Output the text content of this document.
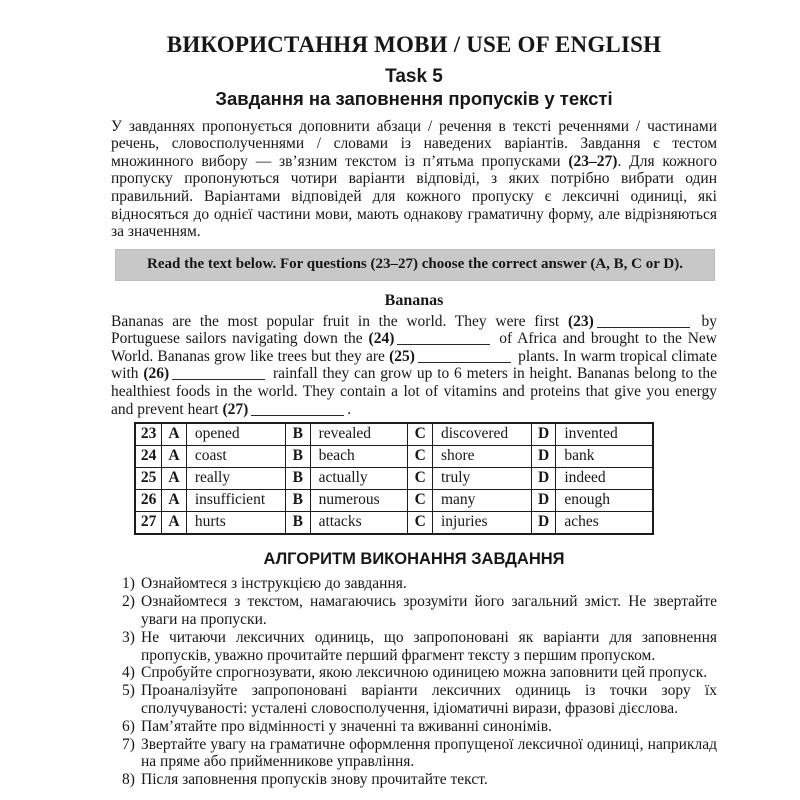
ВИКОРИСТАННЯ МОВИ / USE OF ENGLISH
Task 5
Завдання на заповнення пропусків у тексті
У завданнях пропонується доповнити абзаци / речення в тексті реченнями / частинами речень, словосполученнями / словами із наведених варіантів. Завдання є тестом множинного вибору — зв’язним текстом із п’ятьма пропусками (23–27). Для кожного пропуску пропонуються чотири варіанти відповіді, з яких потрібно вибрати один правильний. Варіантами відповідей для кожного пропуску є лексичні одиниці, які відносяться до однієї частини мови, мають однакову граматичну форму, але відрізняються за значенням.
Read the text below. For questions (23–27) choose the correct answer (A, B, C or D).
Bananas
Bananas are the most popular fruit in the world. They were first (23)	by Portuguese sailors navigating down the (24)	of Africa and brought to the New World. Bananas grow like trees but they are (25)	plants. In warm tropical climate with (26)	rainfall they can grow up to 6 meters in height. Bananas belong to the healthiest foods in the world. They contain a lot of vitamins and proteins that give you energy and prevent heart (27)	.
23	A	opened	B	revealed	C	discovered	D	invented
24	A	coast	B	beach	C	shore	D	bank
25	A	really	B	actually	C	truly	D	indeed
26	A	insufficient	B	numerous	C	many	D	enough
27	A	hurts	B	attacks	C	injuries	D	aches
АЛГОРИТМ ВИКОНАННЯ ЗАВДАННЯ
1) Ознайомтеся з інструкцією до завдання.
2) Ознайомтеся з текстом, намагаючись зрозуміти його загальний зміст. Не звертайте уваги на пропуски.
3) Не читаючи лексичних одиниць, що запропоновані як варіанти для заповнення пропусків, уважно прочитайте перший фрагмент тексту з першим пропуском.
4) Спробуйте спрогнозувати, якою лексичною одиницею можна заповнити цей пропуск.
5) Проаналізуйте запропоновані варіанти лексичних одиниць із точки зору їх сполучуваності: усталені словосполучення, ідіоматичні вирази, фразові дієслова.
6) Пам’ятайте про відмінності у значенні та вживанні синонімів.
7) Звертайте увагу на граматичне оформлення пропущеної лексичної одиниці, наприклад на пряме або прийменникове управління.
8) Після заповнення пропусків знову прочитайте текст.
